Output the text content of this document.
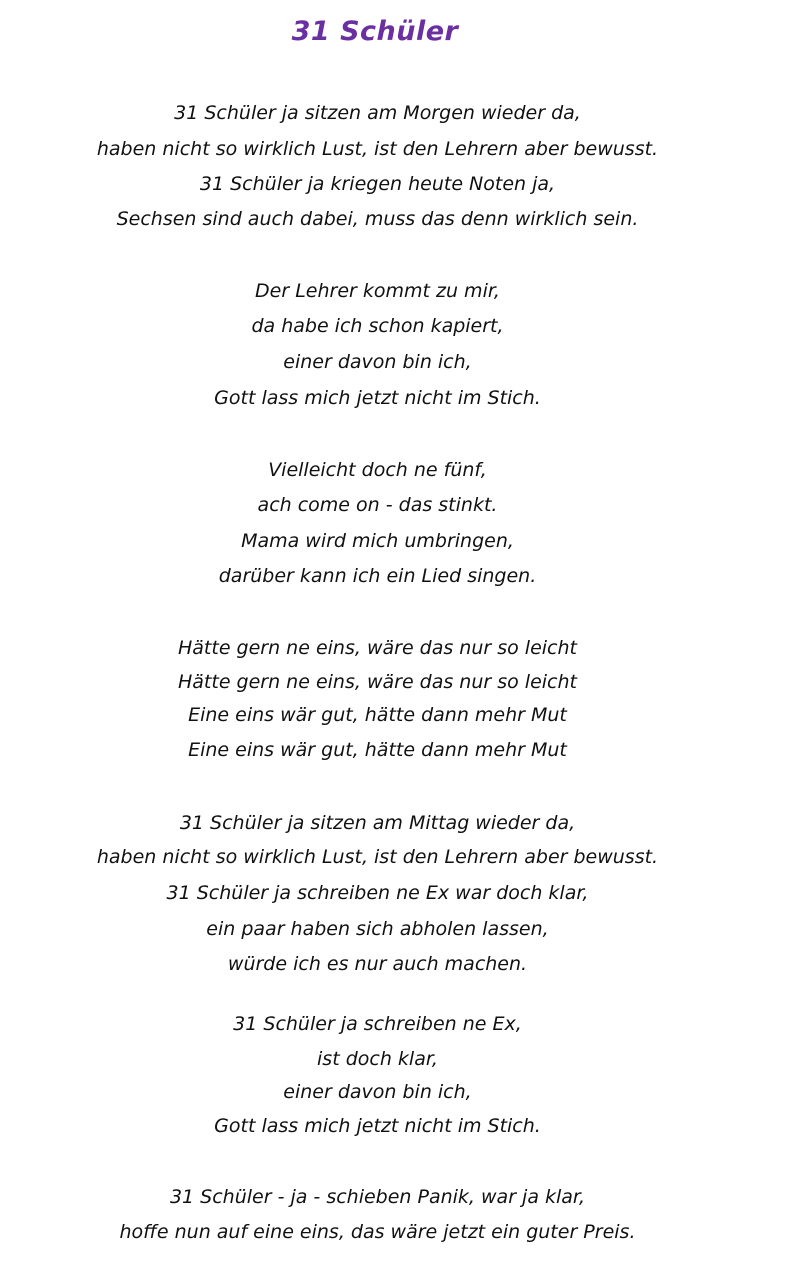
31 Schüler
31 Schüler ja sitzen am Morgen wieder da,
haben nicht so wirklich Lust, ist den Lehrern aber bewusst.
31 Schüler ja kriegen heute Noten ja,
Sechsen sind auch dabei, muss das denn wirklich sein.
Der Lehrer kommt zu mir,
da habe ich schon kapiert,
einer davon bin ich,
Gott lass mich jetzt nicht im Stich.
Vielleicht doch ne fünf,
ach come on - das stinkt.
Mama wird mich umbringen,
darüber kann ich ein Lied singen.
Hätte gern ne eins, wäre das nur so leicht
Hätte gern ne eins, wäre das nur so leicht
Eine eins wär gut, hätte dann mehr Mut
Eine eins wär gut, hätte dann mehr Mut
31 Schüler ja sitzen am Mittag wieder da,
haben nicht so wirklich Lust, ist den Lehrern aber bewusst.
31 Schüler ja schreiben ne Ex war doch klar,
ein paar haben sich abholen lassen,
würde ich es nur auch machen.
31 Schüler ja schreiben ne Ex,
ist doch klar,
einer davon bin ich,
Gott lass mich jetzt nicht im Stich.
31 Schüler - ja - schieben Panik, war ja klar,
hoffe nun auf eine eins, das wäre jetzt ein guter Preis.
